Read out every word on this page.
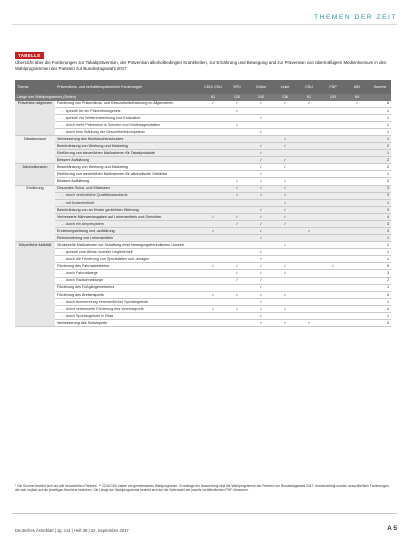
THEMEN DER ZEIT
TABELLE
Übersicht über die Forderungen zur Tabakprävention, der Prävention alkoholbedingter Krankheiten, zur Ernährung und Bewegung und zur Prävention von übermäßigem Medienkonsum in den Wahlprogrammen der Parteien zur Bundestagswahl 2017
Thema	Präventions- und verhaltenspräventive Forderungen	CDU/ CSU	SPD	Grüne	Linke	CSU	FDP	AfD	Summe
Länge des Wahlprogramms (Seiten)		81	120	240	136	61	153	84	
Prävention allgemein	Forderung von Präventions- und Gesundheitsförderung im Allgemeinen	✓	✓	✓	✓	✓		✓	6
	… speziell für ein Präventionsgesetz		✓						1
	… speziell zur Weiterentwicklung und Evaluation			✓					1
	… durch mehr Prävention in Schulen und Kindertagesstätten		✓						1
	… durch eine Stärkung der Gesundheitskompetenz			✓					1
Tabakkonsum	Verbesserung des Nichtraucherschutzes				✓				1
	Beschränkung von Werbung und Marketing			✓	✓				2
	Einführung von steuerlichen Maßnahmen für Tabakprodukte			✓					1
	Bessere Aufklärung			✓	✓				2
Alkoholkonsum	Beschränkung von Werbung und Marketing			✓	✓				2
	Einführung von steuerlichen Maßnahmen für alkoholische Getränke			✓					1
	Bessere Aufklärung		✓	✓	✓				3
Ernährung	Gesundes Schul- und Kitaessen		✓	✓	✓				3
	… durch verbindliche Qualitätsstandards		✓	✓	✓				3
	… mit Kostenfreiheit				✓				1
	Beschränkung von an Kinder gerichteter Werbung			✓	✓				2
	Verbesserte Nährwertangaben auf Lebensmitteln und Gerichten	✓	✓	✓	✓				4
	… durch ein Ampelsystem		✓	✓	✓				3
	Ernährungsbildung und -aufklärung	✓		✓		✓			3
	Reformulierung von Lebensmitteln			✓					1
Körperliche Aktivität	Strukturelle Maßnahmen zur Schaffung einer bewegungsfreundlichen Umwelt				✓				1
	… speziell zum Abbau sozialer Ungleichheit			✓					1
	… durch die Förderung von Sportstätten und -anlagen			✓					1
	Förderung des Fahrradverkehrs	✓	✓	✓	✓		✓		5
	… durch Fahrradwege		✓	✓	✓				3
	… durch Radschnellwege		✓	✓					2
	Förderung des Fußgängerverkehrs			✓					1
	Förderung des Breitensports	✓	✓	✓	✓				4
	… durch Anerkennung ehrenamtlicher Sportangebote			✓					1
	… durch verbesserte Förderung des Vereinssports	✓	✓	✓	✓				4
	… durch Sportangebote in Kitas			✓					1
	Verbesserung des Schulsports			✓	✓	✓			3
* Die Summe bezieht sich auf alle betrachteten Parteien. ** CDU/CSU haben ein gemeinsames Wahlprogramm. Grundlage der Auswertung sind die Wahlprogramme der Parteien zur Bundestagswahl 2017; berücksichtigt wurden ausschließlich Forderungen, die sich explizit auf die jeweiligen Bereiche beziehen. Die Länge der Wahlprogramme bezieht sich auf die Seitenzahl der jeweils veröffentlichten PDF-Versionen.
Deutsches Ärzteblatt | Jg. 114 | Heft 38 | 22. September 2017	A 5
